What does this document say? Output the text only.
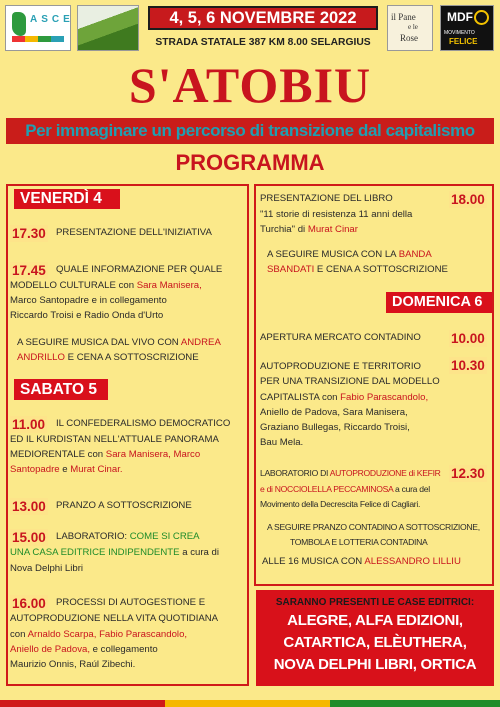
ASCE	4, 5, 6 NOVEMBRE 2022
STRADA STATALE 387 KM 8.00 SELARGIUS
il Pane
e le
Rose
MDF
MOVIMENTO
FELICE
S'ATOBIU
Per immaginare un percorso di transizione dal capitalismo
PROGRAMMA
VENERDÌ 4
17.30 PRESENTAZIONE DELL'INIZIATIVA
17.45 QUALE INFORMAZIONE PER QUALE
MODELLO CULTURALE con Sara Manisera,
Marco Santopadre e in collegamento
Riccardo Troisi e Radio Onda d'Urto
A SEGUIRE MUSICA DAL VIVO CON ANDREA
ANDRILLO E CENA A SOTTOSCRIZIONE
SABATO 5
11.00 IL CONFEDERALISMO DEMOCRATICO
ED IL KURDISTAN NELL'ATTUALE PANORAMA
MEDIORENTALE con Sara Manisera, Marco
Santopadre e Murat Cinar.
13.00 PRANZO A SOTTOSCRIZIONE
15.00 LABORATORIO: COME SI CREA
UNA CASA EDITRICE INDIPENDENTE a cura di
Nova Delphi Libri
16.00 PROCESSI DI AUTOGESTIONE E
AUTOPRODUZIONE NELLA VITA QUOTIDIANA
con Arnaldo Scarpa, Fabio Parascandolo,
Aniello de Padova, e collegamento
Maurizio Onnis, Raúl Zibechi.
PRESENTAZIONE DEL LIBRO	18.00
"11 storie di resistenza 11 anni della
Turchia" di Murat Cinar
A SEGUIRE MUSICA CON LA BANDA
SBANDATI E CENA A SOTTOSCRIZIONE
DOMENICA 6
APERTURA MERCATO CONTADINO 10.00
AUTOPRODUZIONE E TERRITORIO 10.30
PER UNA TRANSIZIONE DAL MODELLO
CAPITALISTA con Fabio Parascandolo,
Aniello de Padova, Sara Manisera,
Graziano Bullegas, Riccardo Troisi,
Bau Mela.
LABORATORIO DI AUTOPRODUZIONE di KEFIR 12.30
e di NOCCIOLELLA PECCAMINOSA a cura del
Movimento della Decrescita Felice di Cagliari.
A SEGUIRE PRANZO CONTADINO A SOTTOSCRIZIONE,
TOMBOLA E LOTTERIA CONTADINA
ALLE 16 MUSICA CON ALESSANDRO LILLIU
SARANNO PRESENTI LE CASE EDITRICI:
ALEGRE, ALFA EDIZIONI,
CATARTICA, ELÈUTHERA,
NOVA DELPHI LIBRI, ORTICA
